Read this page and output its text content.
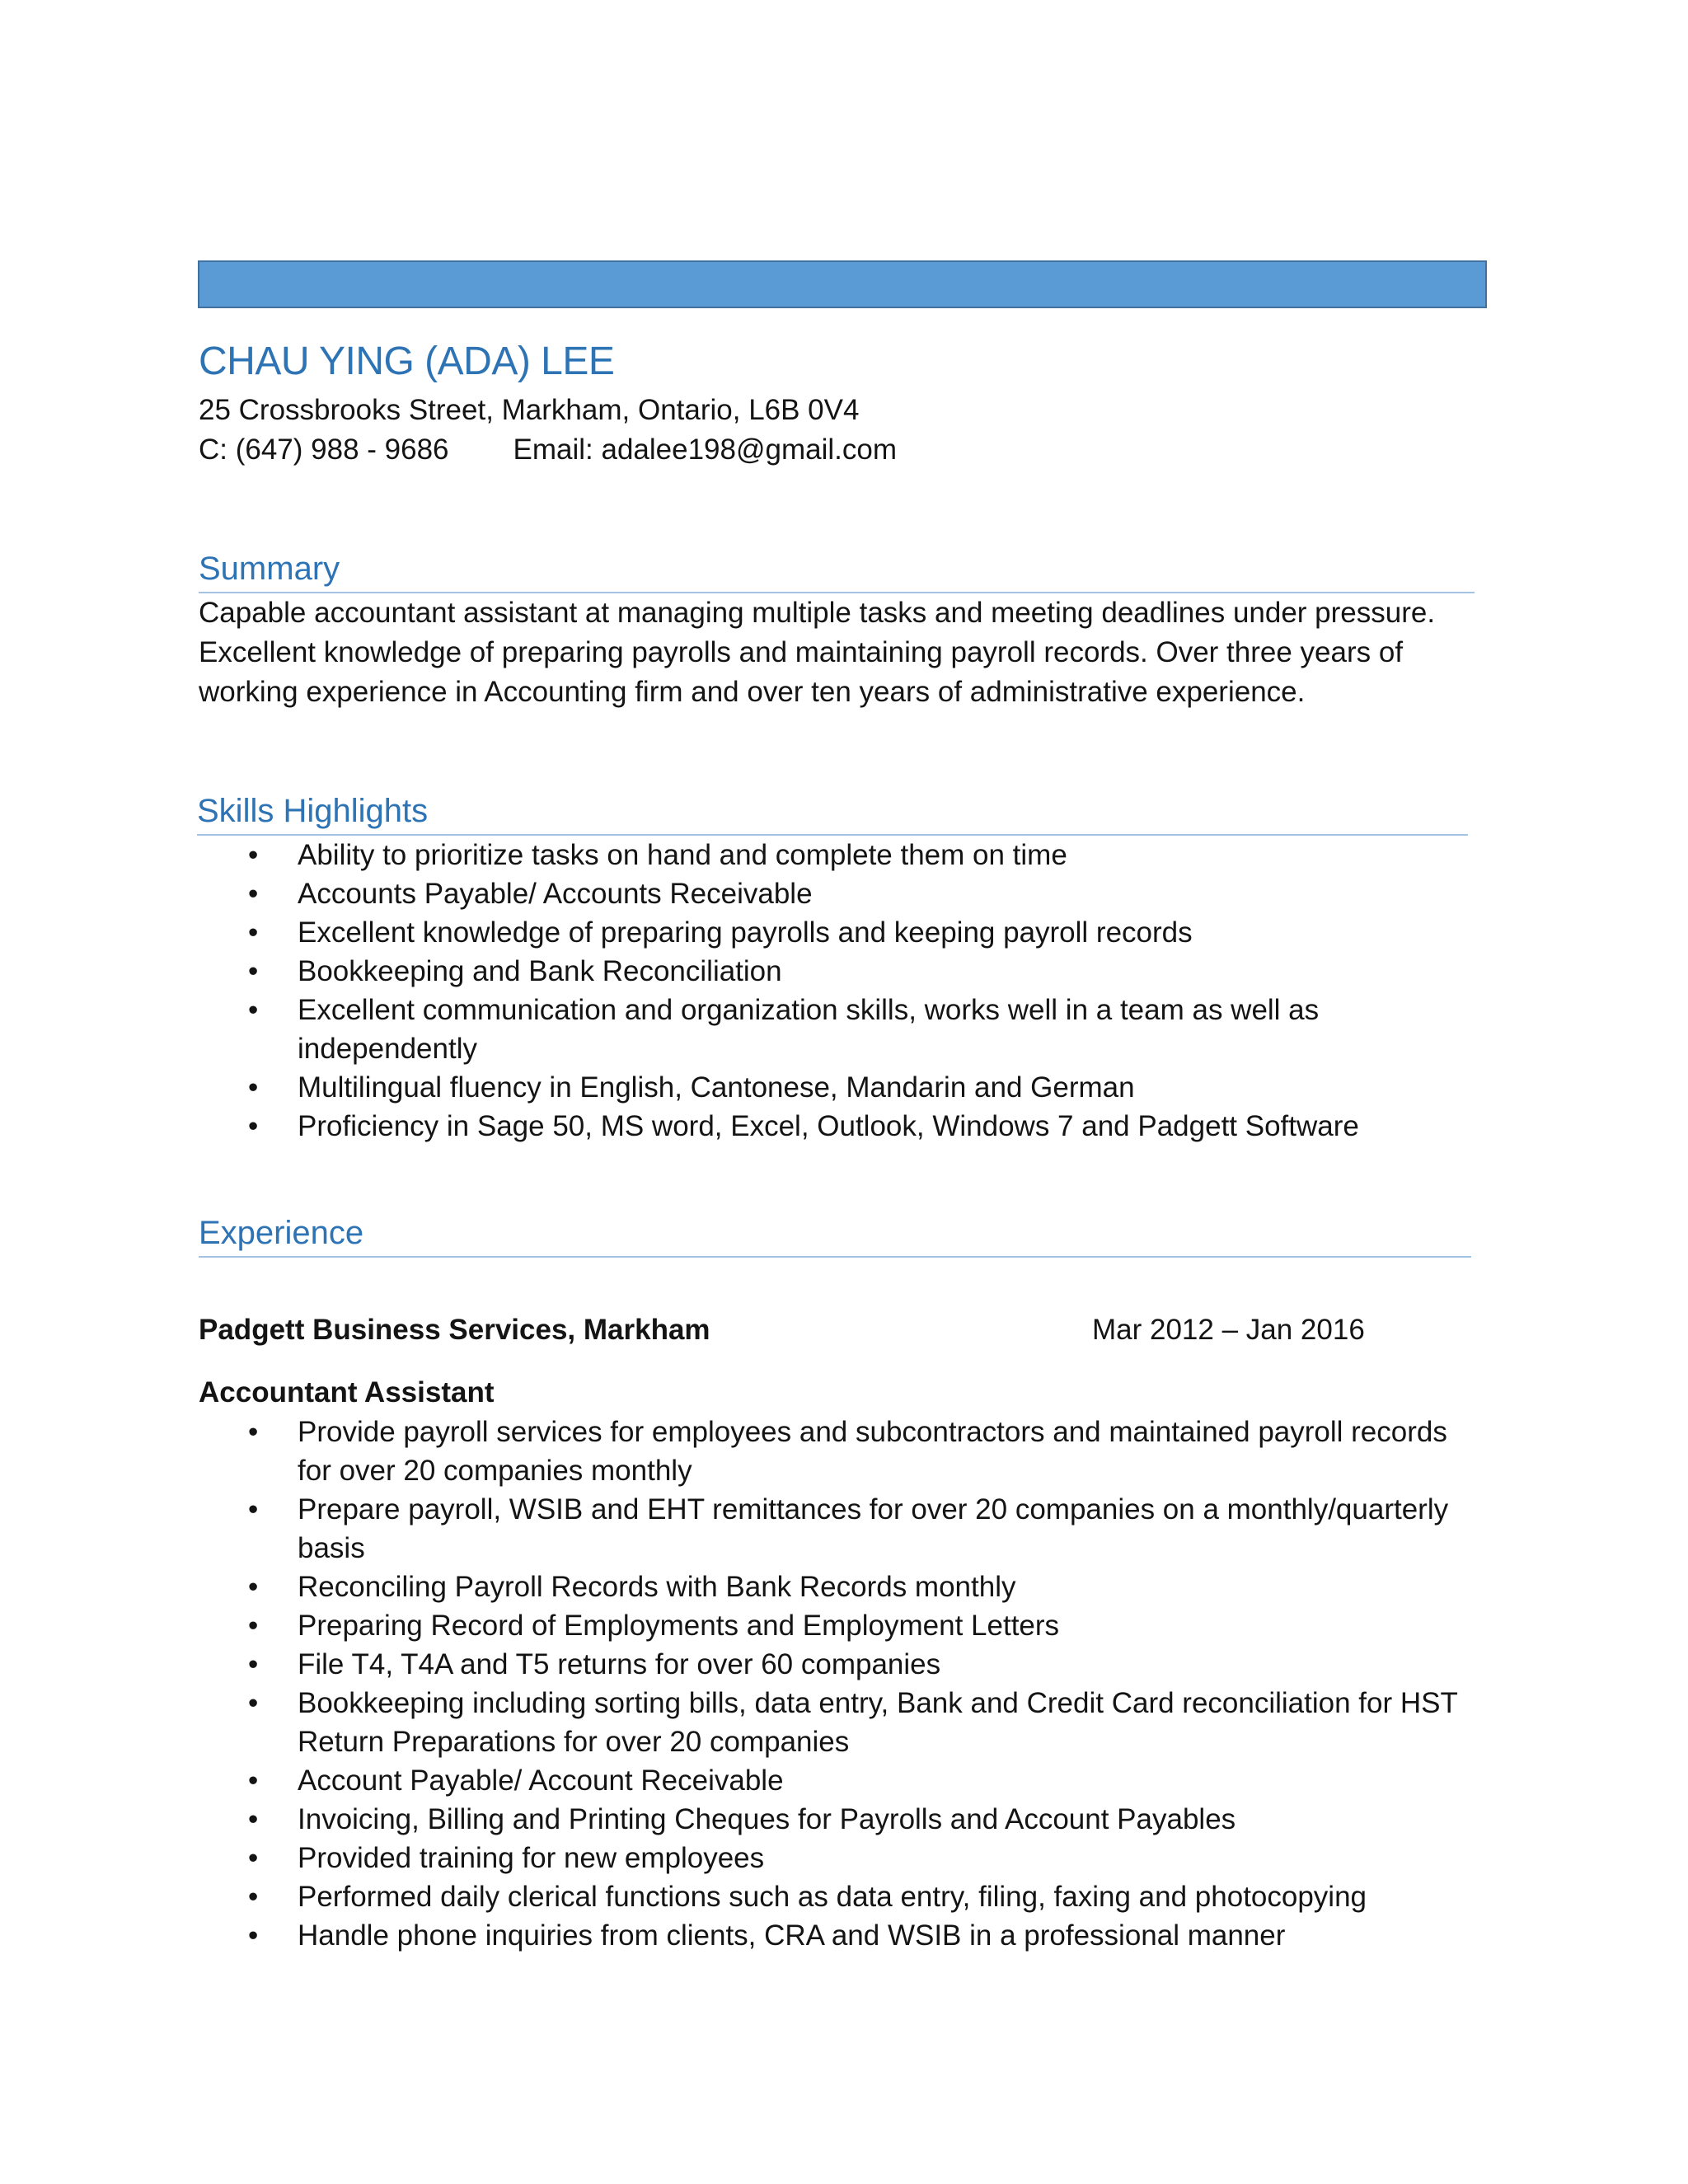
CHAU YING (ADA) LEE
25 Crossbrooks Street, Markham, Ontario, L6B 0V4
C: (647) 988 - 9686 Email: adalee198@gmail.com
Summary

Capable accountant assistant at managing multiple tasks and meeting deadlines under pressure. Excellent knowledge of preparing payrolls and maintaining payroll records. Over three years of working experience in Accounting firm and over ten years of administrative experience.

Skills Highlights
• Ability to prioritize tasks on hand and complete them on time
• Accounts Payable/ Accounts Receivable
• Excellent knowledge of preparing payrolls and keeping payroll records
• Bookkeeping and Bank Reconciliation
• Excellent communication and organization skills, works well in a team as well as independently
• Multilingual fluency in English, Cantonese, Mandarin and German
• Proficiency in Sage 50, MS word, Excel, Outlook, Windows 7 and Padgett Software
Experience
Padgett Business Services, Markham	Mar 2012 – Jan 2016
Accountant Assistant
• Provide payroll services for employees and subcontractors and maintained payroll records for over 20 companies monthly
• Prepare payroll, WSIB and EHT remittances for over 20 companies on a monthly/quarterly basis
• Reconciling Payroll Records with Bank Records monthly
• Preparing Record of Employments and Employment Letters
• File T4, T4A and T5 returns for over 60 companies
• Bookkeeping including sorting bills, data entry, Bank and Credit Card reconciliation for HST Return Preparations for over 20 companies
• Account Payable/ Account Receivable
• Invoicing, Billing and Printing Cheques for Payrolls and Account Payables
• Provided training for new employees
• Performed daily clerical functions such as data entry, filing, faxing and photocopying
• Handle phone inquiries from clients, CRA and WSIB in a professional manner
